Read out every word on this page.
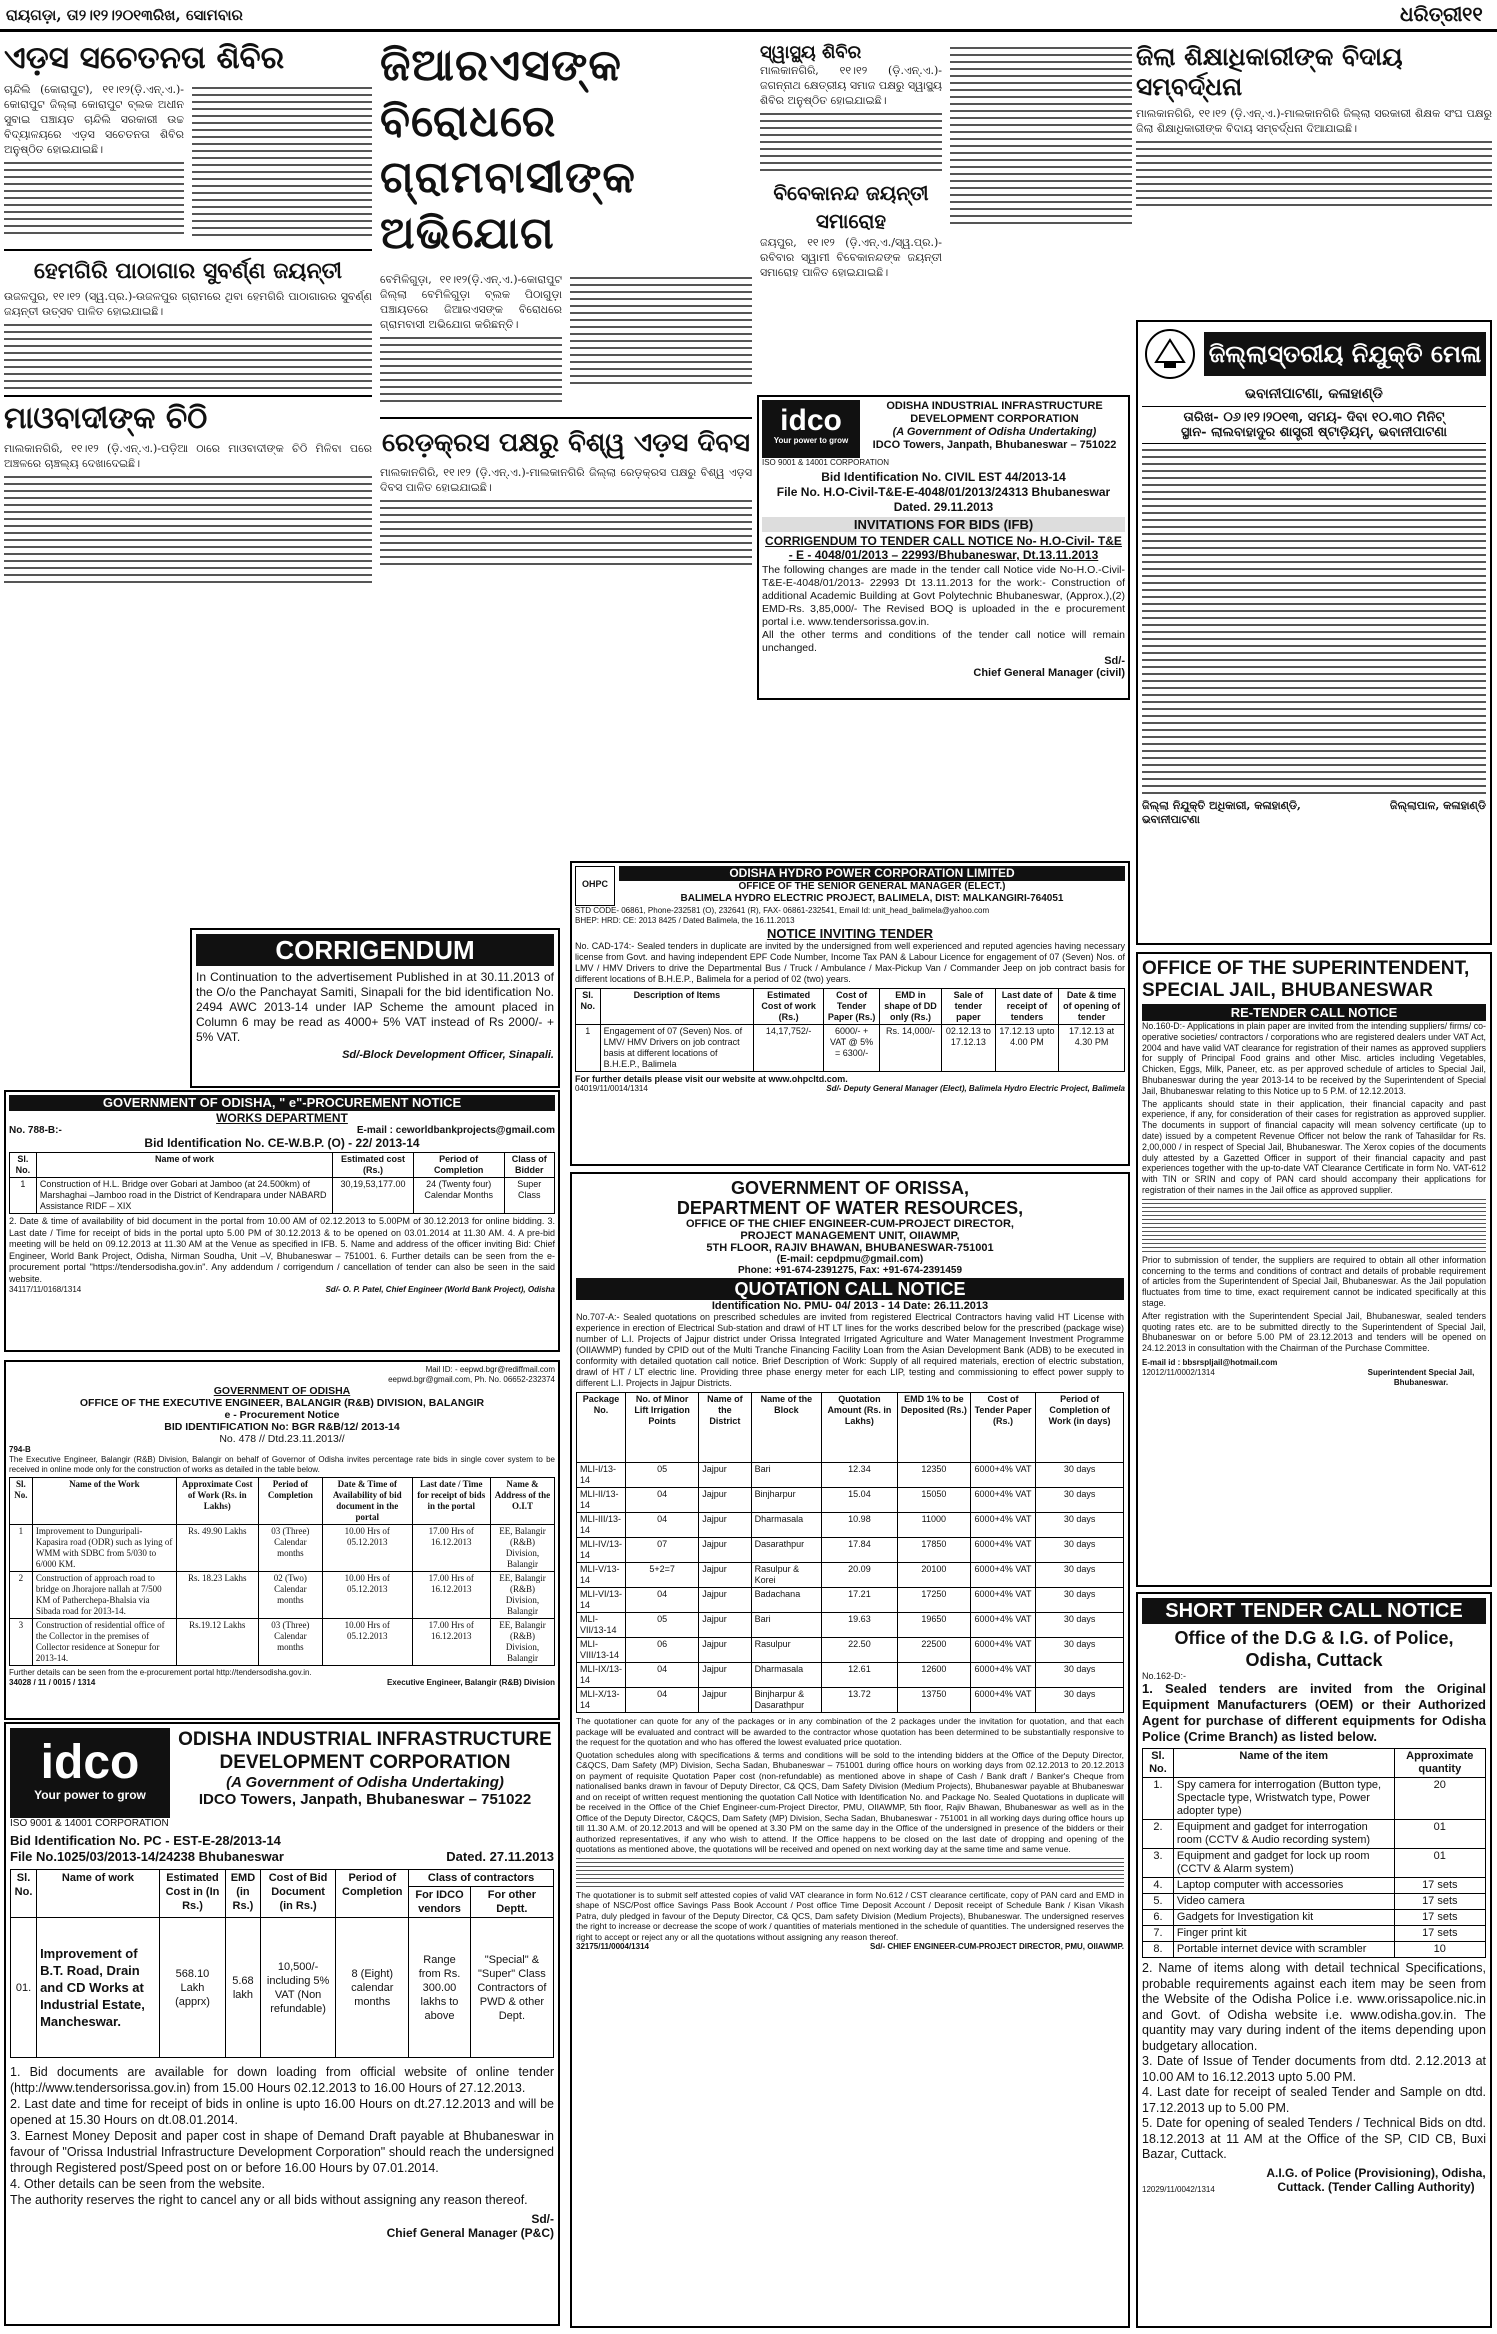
ରାୟଗଡ଼ା, ତା୨।୧୨।୨୦୧୩ରିଖ, ସୋମବାର	ଧରିତ୍ରୀ ୧୧
ଏଡ଼ସ ସଚେତନତା ଶିବିର
ଚାନ୍ଦିଲି (କୋରାପୁଟ), ୧୧।୧୨(ଡ଼ି.ଏନ୍.ଏ.)-କୋରାପୁଟ ଜିଲ୍ଲା କୋରାପୁଟ ବ୍ଲକ ଅଧୀନ ସୁବାଇ ପଞ୍ଚାୟତ ଚାନ୍ଦିଲି ସରକାରୀ ଉଚ୍ଚ ବିଦ୍ୟାଳୟରେ ଏଡ଼ସ ସଚେତନତା ଶିବିର ଅନୁଷ୍ଠିତ ହୋଇଯାଇଛି।
ହେମଗିରି ପାଠାଗାର ସୁବର୍ଣ୍ଣ ଜୟନ୍ତୀ
ଉଜଳପୁର, ୧୧।୧୨ (ସ୍ୱ.ପ୍ର.)-ଉଜଳପୁର ଗ୍ରାମରେ ଥିବା ହେମଗିରି ପାଠାଗାରର ସୁବର୍ଣ୍ଣ ଜୟନ୍ତୀ ଉତ୍ସବ ପାଳିତ ହୋଇଯାଇଛି।
ମାଓବାଦୀଙ୍କ ଚିଠି
ମାଲକାନଗିରି, ୧୧।୧୨ (ଡ଼ି.ଏନ୍.ଏ.)-ପଡ଼ିଆ ଠାରେ ମାଓବାଦୀଙ୍କ ଚିଠି ମିଳିବା ପରେ ଅଞ୍ଚଳରେ ଚାଞ୍ଚଲ୍ୟ ଦେଖାଦେଇଛି।
ଜିଆରଏସଙ୍କ ବିରୋଧରେ ଗ୍ରାମବାସୀଙ୍କ ଅଭିଯୋଗ
ବେମିଳିଗୁଡ଼ା, ୧୧।୧୨(ଡ଼ି.ଏନ୍.ଏ.)-କୋରାପୁଟ ଜିଲ୍ଲା ବେମିଳିଗୁଡ଼ା ବ୍ଲକ ପିଠାଗୁଡ଼ା ପଞ୍ଚାୟତରେ ଜିଆରଏସଙ୍କ ବିରୋଧରେ ଗ୍ରାମବାସୀ ଅଭିଯୋଗ କରିଛନ୍ତି।
ରେଡ଼କ୍ରସ ପକ୍ଷରୁ ବିଶ୍ୱ ଏଡ଼ସ ଦିବସ
ମାଲକାନଗିରି, ୧୧।୧୨ (ଡ଼ି.ଏନ୍.ଏ.)-ମାଲକାନଗିରି ଜିଲ୍ଲା ରେଡ଼କ୍ରସ ପକ୍ଷରୁ ବିଶ୍ୱ ଏଡ଼ସ ଦିବସ ପାଳିତ ହୋଇଯାଇଛି।
ସ୍ୱାସ୍ଥ୍ୟ ଶିବିର
ମାଲକାନଗିରି, ୧୧।୧୨ (ଡ଼ି.ଏନ୍.ଏ.)-ଜଗନ୍ନାଥ କ୍ଷେତ୍ରୀୟ ସମାଜ ପକ୍ଷରୁ ସ୍ୱାସ୍ଥ୍ୟ ଶିବିର ଅନୁଷ୍ଠିତ ହୋଇଯାଇଛି।
ବିବେକାନନ୍ଦ ଜୟନ୍ତୀ ସମାରୋହ
ଜୟପୁର, ୧୧।୧୨ (ଡ଼ି.ଏନ୍.ଏ./ସ୍ୱ.ପ୍ର.)-ରବିବାର ସ୍ୱାମୀ ବିବେକାନନ୍ଦଙ୍କ ଜୟନ୍ତୀ ସମାରୋହ ପାଳିତ ହୋଇଯାଇଛି।
idco
Your power to grow
ODISHA INDUSTRIAL INFRASTRUCTURE DEVELOPMENT CORPORATION
(A Government of Odisha Undertaking)
IDCO Towers, Janpath, Bhubaneswar – 751022
ISO 9001 & 14001 CORPORATION
Bid Identification No. CIVIL EST 44/2013-14
File No. H.O-Civil-T&E-E-4048/01/2013/24313 Bhubaneswar
Dated. 29.11.2013
INVITATIONS FOR BIDS (IFB)
CORRIGENDUM TO TENDER CALL NOTICE No- H.O-Civil- T&E - E - 4048/01/2013 – 22993/Bhubaneswar, Dt.13.11.2013
The following changes are made in the tender call Notice vide No-H.O.-Civil-T&E-E-4048/01/2013- 22993 Dt 13.11.2013 for the work:- Construction of additional Academic Building at Govt Polytechnic Bhubaneswar, (Approx.),(2) EMD-Rs. 3,85,000/- The Revised BOQ is uploaded in the e procurement portal i.e. www.tendersorissa.gov.in.
All the other terms and conditions of the tender call notice will remain unchanged.
Sd/-
Chief General Manager (civil)
OHPC
ODISHA HYDRO POWER CORPORATION LIMITED
OFFICE OF THE SENIOR GENERAL MANAGER (ELECT.)
BALIMELA HYDRO ELECTRIC PROJECT, BALIMELA, DIST: MALKANGIRI-764051
STD CODE- 06861, Phone-232581 (O), 232641 (R), FAX- 06861-232541, Email Id: unit_head_balimela@yahoo.com
BHEP: HRD: CE: 2013 8425 / Dated Balimela, the 16.11.2013
NOTICE INVITING TENDER
No. CAD-174:- Sealed tenders in duplicate are invited by the undersigned from well experienced and reputed agencies having necessary license from Govt. and having independent EPF Code Number, Income Tax PAN & Labour Licence for engagement of 07 (Seven) Nos. of LMV / HMV Drivers to drive the Departmental Bus / Truck / Ambulance / Max-Pickup Van / Commander Jeep on job contract basis for different locations of B.H.E.P., Balimela for a period of 02 (two) years.
Sl. No.	Description of Items	Estimated Cost of work (Rs.)	Cost of Tender Paper (Rs.)	EMD in shape of DD only (Rs.)	Sale of tender paper	Last date of receipt of tenders	Date & time of opening of tender
1	Engagement of 07 (Seven) Nos. of LMV/ HMV Drivers on job contract basis at different locations of B.H.E.P., Balimela	14,17,752/-	6000/- + VAT @ 5% = 6300/-	Rs. 14,000/-	02.12.13 to 17.12.13	17.12.13 upto 4.00 PM	17.12.13 at 4.30 PM
For further details please visit our website at www.ohpcltd.com.
04019/11/0014/1314	Sd/- Deputy General Manager (Elect), Balimela Hydro Electric Project, Balimela
ଜିଲା ଶିକ୍ଷାଧିକାରୀଙ୍କ ବିଦାୟ ସମ୍ବର୍ଦ୍ଧନା
ମାଲକାନଗିରି, ୧୧।୧୨ (ଡ଼ି.ଏନ୍.ଏ.)-ମାଲକାନଗିରି ଜିଲ୍ଲା ସରକାରୀ ଶିକ୍ଷକ ସଂଘ ପକ୍ଷରୁ ଜିଲା ଶିକ୍ଷାଧିକାରୀଙ୍କ ବିଦାୟ ସମ୍ବର୍ଦ୍ଧନା ଦିଆଯାଇଛି।
ଜିଲ୍ଲାସ୍ତରୀୟ ନିଯୁକ୍ତି ମେଳା
ଭବାନୀପାଟଣା, କଳାହାଣ୍ଡି
ତାରିଖ- ୦୬।୧୨।୨୦୧୩, ସମୟ- ଦିବା ୧୦.୩୦ ମିନିଟ୍
ସ୍ଥାନ- ଲାଲବାହାଦୁର ଶାସ୍ତ୍ରୀ ଷ୍ଟାଡ଼ିୟମ୍, ଭବାନୀପାଟଣା
ଜିଲ୍ଲା ନିଯୁକ୍ତି ଅଧିକାରୀ, କଳାହାଣ୍ଡି, ଭବାନୀପାଟଣା
ଜିଲ୍ଲାପାଳ, କଳାହାଣ୍ଡି
CORRIGENDUM
In Continuation to the advertisement Published in at 30.11.2013 of the O/o the Panchayat Samiti, Sinapali for the bid identification No. 2494 AWC 2013-14 under IAP Scheme the amount placed in Column 6 may be read as 4000+ 5% VAT instead of Rs 2000/- + 5% VAT.
Sd/-Block Development Officer, Sinapali.
GOVERNMENT OF ODISHA, " e"-PROCUREMENT NOTICE
WORKS DEPARTMENT
No. 788-B:-	E-mail : ceworldbankprojects@gmail.com
Bid Identification No. CE-W.B.P. (O) - 22/ 2013-14
Sl. No.	Name of work	Estimated cost (Rs.)	Period of Completion	Class of Bidder
1	Construction of H.L. Bridge over Gobari at Jamboo (at 24.500km) of Marshaghai –Jamboo road in the District of Kendrapara under NABARD Assistance RIDF – XIX	30,19,53,177.00	24 (Twenty four) Calendar Months	Super Class
2. Date & time of availability of bid document in the portal from 10.00 AM of 02.12.2013 to 5.00PM of 30.12.2013 for online bidding. 3. Last date / Time for receipt of bids in the portal upto 5.00 PM of 30.12.2013 & to be opened on 03.01.2014 at 11.30 AM. 4. A pre-bid meeting will be held on 09.12.2013 at 11.30 AM at the Venue as specified in IFB. 5. Name and address of the officer inviting Bid: Chief Engineer, World Bank Project, Odisha, Nirman Soudha, Unit –V, Bhubaneswar – 751001. 6. Further details can be seen from the e-procurement portal "https://tendersodisha.gov.in". Any addendum / corrigendum / cancellation of tender can also be seen in the said website.
34117/11/0168/1314	Sd/- O. P. Patel, Chief Engineer (World Bank Project), Odisha
Mail ID: - eepwd.bgr@rediffmail.com
eepwd.bgr@gmail.com, Ph. No. 06652-232374
GOVERNMENT OF ODISHA
OFFICE OF THE EXECUTIVE ENGINEER, BALANGIR (R&B) DIVISION, BALANGIR
e - Procurement Notice
BID IDENTIFICATION No: BGR R&B/12/ 2013-14
No. 478 // Dtd.23.11.2013//
794-B
The Executive Engineer, Balangir (R&B) Division, Balangir on behalf of Governor of Odisha invites percentage rate bids in single cover system to be received in online mode only for the construction of works as detailed in the table below.
Sl. No.	Name of the Work	Approximate Cost of Work (Rs. in Lakhs)	Period of Completion	Date & Time of Availability of bid document in the portal	Last date / Time for receipt of bids in the portal	Name & Address of the O.I.T
1	Improvement to Dunguripali-Kapasira road (ODR) such as lying of WMM with SDBC from 5/030 to 6/000 KM.	Rs. 49.90 Lakhs	03 (Three) Calendar months	10.00 Hrs of 05.12.2013	17.00 Hrs of 16.12.2013	EE, Balangir (R&B) Division, Balangir
2	Construction of approach road to bridge on Jhorajore nallah at 7/500 KM of Patherchepa-Bhalsia via Sibada road for 2013-14.	Rs. 18.23 Lakhs	02 (Two) Calendar months	10.00 Hrs of 05.12.2013	17.00 Hrs of 16.12.2013	EE, Balangir (R&B) Division, Balangir
3	Construction of residential office of the Collector in the premises of Collector residence at Sonepur for 2013-14.	Rs.19.12 Lakhs	03 (Three) Calendar months	10.00 Hrs of 05.12.2013	17.00 Hrs of 16.12.2013	EE, Balangir (R&B) Division, Balangir
Further details can be seen from the e-procurement portal http://tendersodisha.gov.in.
34028 / 11 / 0015 / 1314	Executive Engineer, Balangir (R&B) Division
idco
Your power to grow
ODISHA INDUSTRIAL INFRASTRUCTURE DEVELOPMENT CORPORATION
(A Government of Odisha Undertaking)
IDCO Towers, Janpath, Bhubaneswar – 751022
ISO 9001 & 14001 CORPORATION
Bid Identification No. PC - EST-E-28/2013-14
File No.1025/03/2013-14/24238 Bhubaneswar	Dated. 27.11.2013
Sl. No.	Name of work	Estimated Cost in (In Rs.)	EMD (in Rs.)	Cost of Bid Document (in Rs.)	Period of Completion	Class of contractors	
						For IDCO vendors	For other Deptt.
01.	Improvement of B.T. Road, Drain and CD Works at Industrial Estate, Mancheswar.	568.10 Lakh (apprx)	5.68 lakh	10,500/- including 5% VAT (Non refundable)	8 (Eight) calendar months	Range from Rs. 300.00 lakhs to above	"Special" & "Super" Class Contractors of PWD & other Dept.
1. Bid documents are available for down loading from official website of online tender (http://www.tendersorissa.gov.in) from 15.00 Hours 02.12.2013 to 16.00 Hours of 27.12.2013.
2. Last date and time for receipt of bids in online is upto 16.00 Hours on dt.27.12.2013 and will be opened at 15.30 Hours on dt.08.01.2014.
3. Earnest Money Deposit and paper cost in shape of Demand Draft payable at Bhubaneswar in favour of "Orissa Industrial Infrastructure Development Corporation" should reach the undersigned through Registered post/Speed post on or before 16.00 Hours by 07.01.2014.
4. Other details can be seen from the website.
The authority reserves the right to cancel any or all bids without assigning any reason thereof.
Sd/-
Chief General Manager (P&C)
GOVERNMENT OF ORISSA,
DEPARTMENT OF WATER RESOURCES,
OFFICE OF THE CHIEF ENGINEER-CUM-PROJECT DIRECTOR,
PROJECT MANAGEMENT UNIT, OIIAWMP,
5TH FLOOR, RAJIV BHAWAN, BHUBANESWAR-751001
(E-mail: cepdpmu@gmail.com)
Phone: +91-674-2391275, Fax: +91-674-2391459
QUOTATION CALL NOTICE
Identification No. PMU- 04/ 2013 - 14 Date: 26.11.2013
No.707-A:- Sealed quotations on prescribed schedules are invited from registered Electrical Contractors having valid HT License with experience in erection of Electrical Sub-station and drawl of HT LT lines for the works described below for the prescribed (package wise) number of L.I. Projects of Jajpur district under Orissa Integrated Irrigated Agriculture and Water Management Investment Programme (OIIAWMP) funded by CPID out of the Multi Tranche Financing Facility Loan from the Asian Development Bank (ADB) to be executed in conformity with detailed quotation call notice. Brief Description of Work: Supply of all required materials, erection of electric substation, drawl of HT / LT electric line. Providing three phase energy meter for each LIP, testing and commissioning to effect power supply to different L.I. Projects in Jajpur Districts.
Package No.	No. of Minor Lift Irrigation Points	Name of the District	Name of the Block	Quotation Amount (Rs. in Lakhs)	EMD 1% to be Deposited (Rs.)	Cost of Tender Paper (Rs.)	Period of Completion of Work (in days)
MLI-I/13-14	05	Jajpur	Bari	12.34	12350	6000+4% VAT	30 days
MLI-II/13-14	04	Jajpur	Binjharpur	15.04	15050	6000+4% VAT	30 days
MLI-III/13-14	04	Jajpur	Dharmasala	10.98	11000	6000+4% VAT	30 days
MLI-IV/13-14	07	Jajpur	Dasarathpur	17.84	17850	6000+4% VAT	30 days
MLI-V/13-14	5+2=7	Jajpur	Rasulpur & Korei	20.09	20100	6000+4% VAT	30 days
MLI-VI/13-14	04	Jajpur	Badachana	17.21	17250	6000+4% VAT	30 days
MLI-VII/13-14	05	Jajpur	Bari	19.63	19650	6000+4% VAT	30 days
MLI-VIII/13-14	06	Jajpur	Rasulpur	22.50	22500	6000+4% VAT	30 days
MLI-IX/13-14	04	Jajpur	Dharmasala	12.61	12600	6000+4% VAT	30 days
MLI-X/13-14	04	Jajpur	Binjharpur & Dasarathpur	13.72	13750	6000+4% VAT	30 days
The quotationer can quote for any of the packages or in any combination of the 2 packages under the invitation for quotation, and that each package will be evaluated and contract will be awarded to the contractor whose quotation has been determined to be substantially responsive to the request for the quotation and who has offered the lowest evaluated price quotation.
Quotation schedules along with specifications & terms and conditions will be sold to the intending bidders at the Office of the Deputy Director, C&QCS, Dam Safety (MP) Division, Secha Sadan, Bhubaneswar – 751001 during office hours on working days from 02.12.2013 to 20.12.2013 on payment of requisite Quotation Paper cost (non-refundable) as mentioned above in shape of Cash / Bank draft / Banker's Cheque from nationalised banks drawn in favour of Deputy Director, C& QCS, Dam Safety Division (Medium Projects), Bhubaneswar payable at Bhubaneswar and on receipt of written request mentioning the quotation Call Notice with Identification No. and Package No. Sealed Quotations in duplicate will be received in the Office of the Chief Engineer-cum-Project Director, PMU, OIIAWMP, 5th floor, Rajiv Bhawan, Bhubaneswar as well as in the Office of the Deputy Director, C&QCS, Dam Safety (MP) Division, Secha Sadan, Bhubaneswar - 751001 in all working days during office hours up till 11.30 A.M. of 20.12.2013 and will be opened at 3.30 PM on the same day in the Office of the undersigned in presence of the bidders or their authorized representatives, if any who wish to attend. If the Office happens to be closed on the last date of dropping and opening of the quotations as mentioned above, the quotations will be received and opened on next working day at the same time and same venue.
The quotationer is to submit self attested copies of valid VAT clearance in form No.612 / CST clearance certificate, copy of PAN card and EMD in shape of NSC/Post office Savings Pass Book Account / Post office Time Deposit Account / Deposit receipt of Schedule Bank / Kisan Vikash Patra, duly pledged in favour of the Deputy Director, C& QCS, Dam safety Division (Medium Projects), Bhubaneswar. The undersigned reserves the right to increase or decrease the scope of work / quantities of materials mentioned in the schedule of quantities. The undersigned reserves the right to accept or reject any or all the quotations without assigning any reason thereof.
32175/11/0004/1314	Sd/- CHIEF ENGINEER-CUM-PROJECT DIRECTOR, PMU, OIIAWMP.
OFFICE OF THE SUPERINTENDENT, SPECIAL JAIL, BHUBANESWAR
RE-TENDER CALL NOTICE

No.160-D:- Applications in plain paper are invited from the intending suppliers/ firms/ co-operative societies/ contractors / corporations who are registered dealers under VAT Act, 2004 and have valid VAT clearance for registration of their names as approved suppliers for supply of Principal Food grains and other Misc. articles including Vegetables, Chicken, Eggs, Milk, Paneer, etc. as per approved schedule of articles to Special Jail, Bhubaneswar during the year 2013-14 to be received by the Superintendent of Special Jail, Bhubaneswar relating to this Notice up to 5 P.M. of 12.12.2013.

The applicants should state in their application, their financial capacity and past experience, if any, for consideration of their cases for registration as approved supplier. The documents in support of financial capacity will mean solvency certificate (up to date) issued by a competent Revenue Officer not below the rank of Tahasildar for Rs. 2,00,000 / in respect of Special Jail, Bhubaneswar. The Xerox copies of the documents duly attested by a Gazetted Officer in support of their financial capacity and past experiences together with the up-to-date VAT Clearance Certificate in form No. VAT-612 with TIN or SRIN and copy of PAN card should accompany their applications for registration of their names in the Jail office as approved supplier.

Prior to submission of tender, the suppliers are required to obtain all other information concerning to the terms and conditions of contract and details of probable requirement of articles from the Superintendent of Special Jail, Bhubaneswar. As the Jail population fluctuates from time to time, exact requirement cannot be indicated specifically at this stage.

After registration with the Superintendent Special Jail, Bhubaneswar, sealed tenders quoting rates etc. are to be submitted directly to the Superintendent of Special Jail, Bhubaneswar on or before 5.00 PM of 23.12.2013 and tenders will be opened on 24.12.2013 in consultation with the Chairman of the Purchase Committee.

E-mail id : bbsrspljail@hotmail.com
12012/11/0002/1314	Superintendent Special Jail, Bhubaneswar.
SHORT TENDER CALL NOTICE
Office of the D.G & I.G. of Police, Odisha, Cuttack
No.162-D:-
1. Sealed tenders are invited from the Original Equipment Manufacturers (OEM) or their Authorized Agent for purchase of different equipments for Odisha Police (Crime Branch) as listed below.
Sl. No.	Name of the item	Approximate quantity
1.	Spy camera for interrogation (Button type, Spectacle type, Wristwatch type, Power adopter type)	20
2.	Equipment and gadget for interrogation room (CCTV & Audio recording system)	01
3.	Equipment and gadget for lock up room (CCTV & Alarm system)	01
4.	Laptop computer with accessories	17 sets
5.	Video camera	17 sets
6.	Gadgets for Investigation kit	17 sets
7.	Finger print kit	17 sets
8.	Portable internet device with scrambler	10
2. Name of items along with detail technical Specifications, probable requirements against each item may be seen from the Website of the Odisha Police i.e. www.orissapolice.nic.in and Govt. of Odisha website i.e. www.odisha.gov.in. The quantity may vary during indent of the items depending upon budgetary allocation.
3. Date of Issue of Tender documents from dtd. 2.12.2013 at 10.00 AM to 16.12.2013 upto 5.00 PM.
4. Last date for receipt of sealed Tender and Sample on dtd. 17.12.2013 up to 5.00 PM.
5. Date for opening of sealed Tenders / Technical Bids on dtd. 18.12.2013 at 11 AM at the Office of the SP, CID CB, Buxi Bazar, Cuttack.
12029/11/0042/1314
A.I.G. of Police (Provisioning), Odisha, Cuttack. (Tender Calling Authority)
